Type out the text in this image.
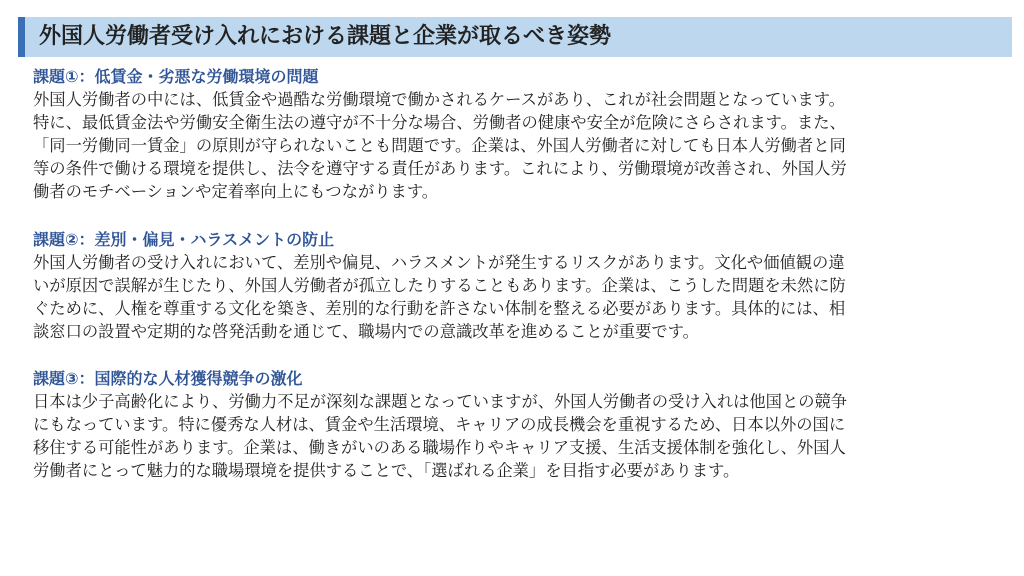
外国人労働者受け入れにおける課題と企業が取るべき姿勢

課題①：低賃金・劣悪な労働環境の問題

外国人労働者の中には、低賃金や過酷な労働環境で働かされるケースがあり、これが社会問題となっています。

特に、最低賃金法や労働安全衛生法の遵守が不十分な場合、労働者の健康や安全が危険にさらされます。また、

「同一労働同一賃金」の原則が守られないことも問題です。企業は、外国人労働者に対しても日本人労働者と同

等の条件で働ける環境を提供し、法令を遵守する責任があります。これにより、労働環境が改善され、外国人労

働者のモチベーションや定着率向上にもつながります。

課題②：差別・偏見・ハラスメントの防止

外国人労働者の受け入れにおいて、差別や偏見、ハラスメントが発生するリスクがあります。文化や価値観の違

いが原因で誤解が生じたり、外国人労働者が孤立したりすることもあります。企業は、こうした問題を未然に防

ぐために、人権を尊重する文化を築き、差別的な行動を許さない体制を整える必要があります。具体的には、相

談窓口の設置や定期的な啓発活動を通じて、職場内での意識改革を進めることが重要です。

課題③：国際的な人材獲得競争の激化

日本は少子高齢化により、労働力不足が深刻な課題となっていますが、外国人労働者の受け入れは他国との競争

にもなっています。特に優秀な人材は、賃金や生活環境、キャリアの成長機会を重視するため、日本以外の国に

移住する可能性があります。企業は、働きがいのある職場作りやキャリア支援、生活支援体制を強化し、外国人

労働者にとって魅力的な職場環境を提供することで、「選ばれる企業」を目指す必要があります。
